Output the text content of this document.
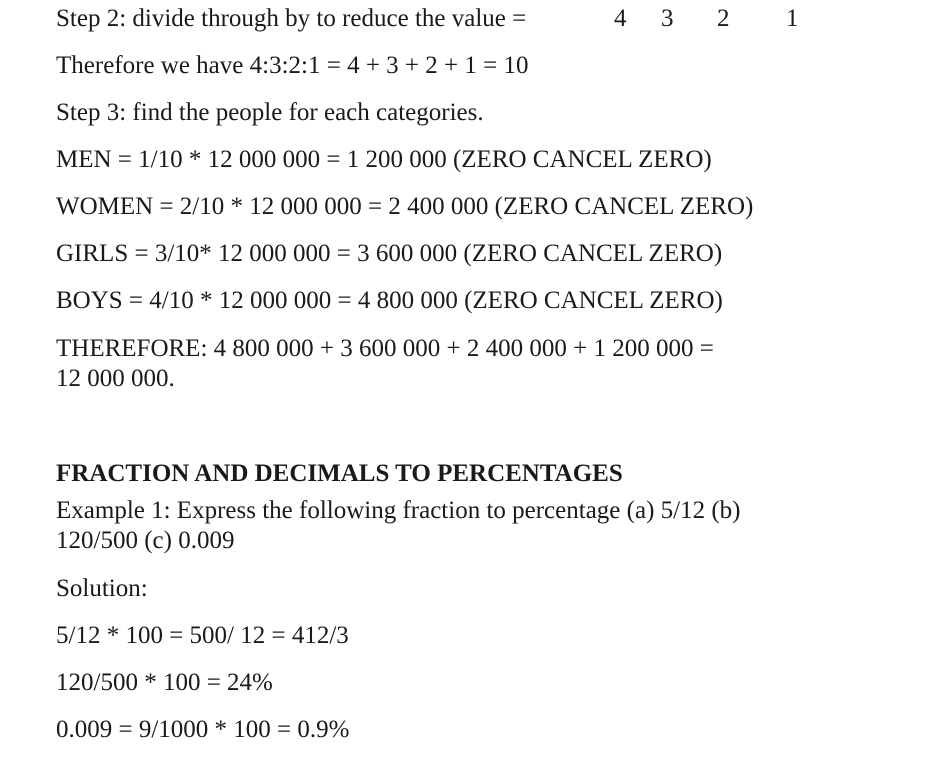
Step 2: divide through by to reduce the value =	4 3 2 1
Therefore we have 4:3:2:1 = 4 + 3 + 2 + 1 = 10
Step 3: find the people for each categories.
MEN = 1/10 * 12 000 000 = 1 200 000 (ZERO CANCEL ZERO)
WOMEN = 2/10 * 12 000 000 = 2 400 000 (ZERO CANCEL ZERO)
GIRLS = 3/10* 12 000 000 = 3 600 000 (ZERO CANCEL ZERO)
BOYS = 4/10 * 12 000 000 = 4 800 000 (ZERO CANCEL ZERO)
THEREFORE: 4 800 000 + 3 600 000 + 2 400 000 + 1 200 000 =
12 000 000.
FRACTION AND DECIMALS TO PERCENTAGES
Example 1: Express the following fraction to percentage (a) 5/12 (b)
120/500 (c) 0.009
Solution:
5/12 * 100 = 500/ 12 = 412/3
120/500 * 100 = 24%
0.009 = 9/1000 * 100 = 0.9%
